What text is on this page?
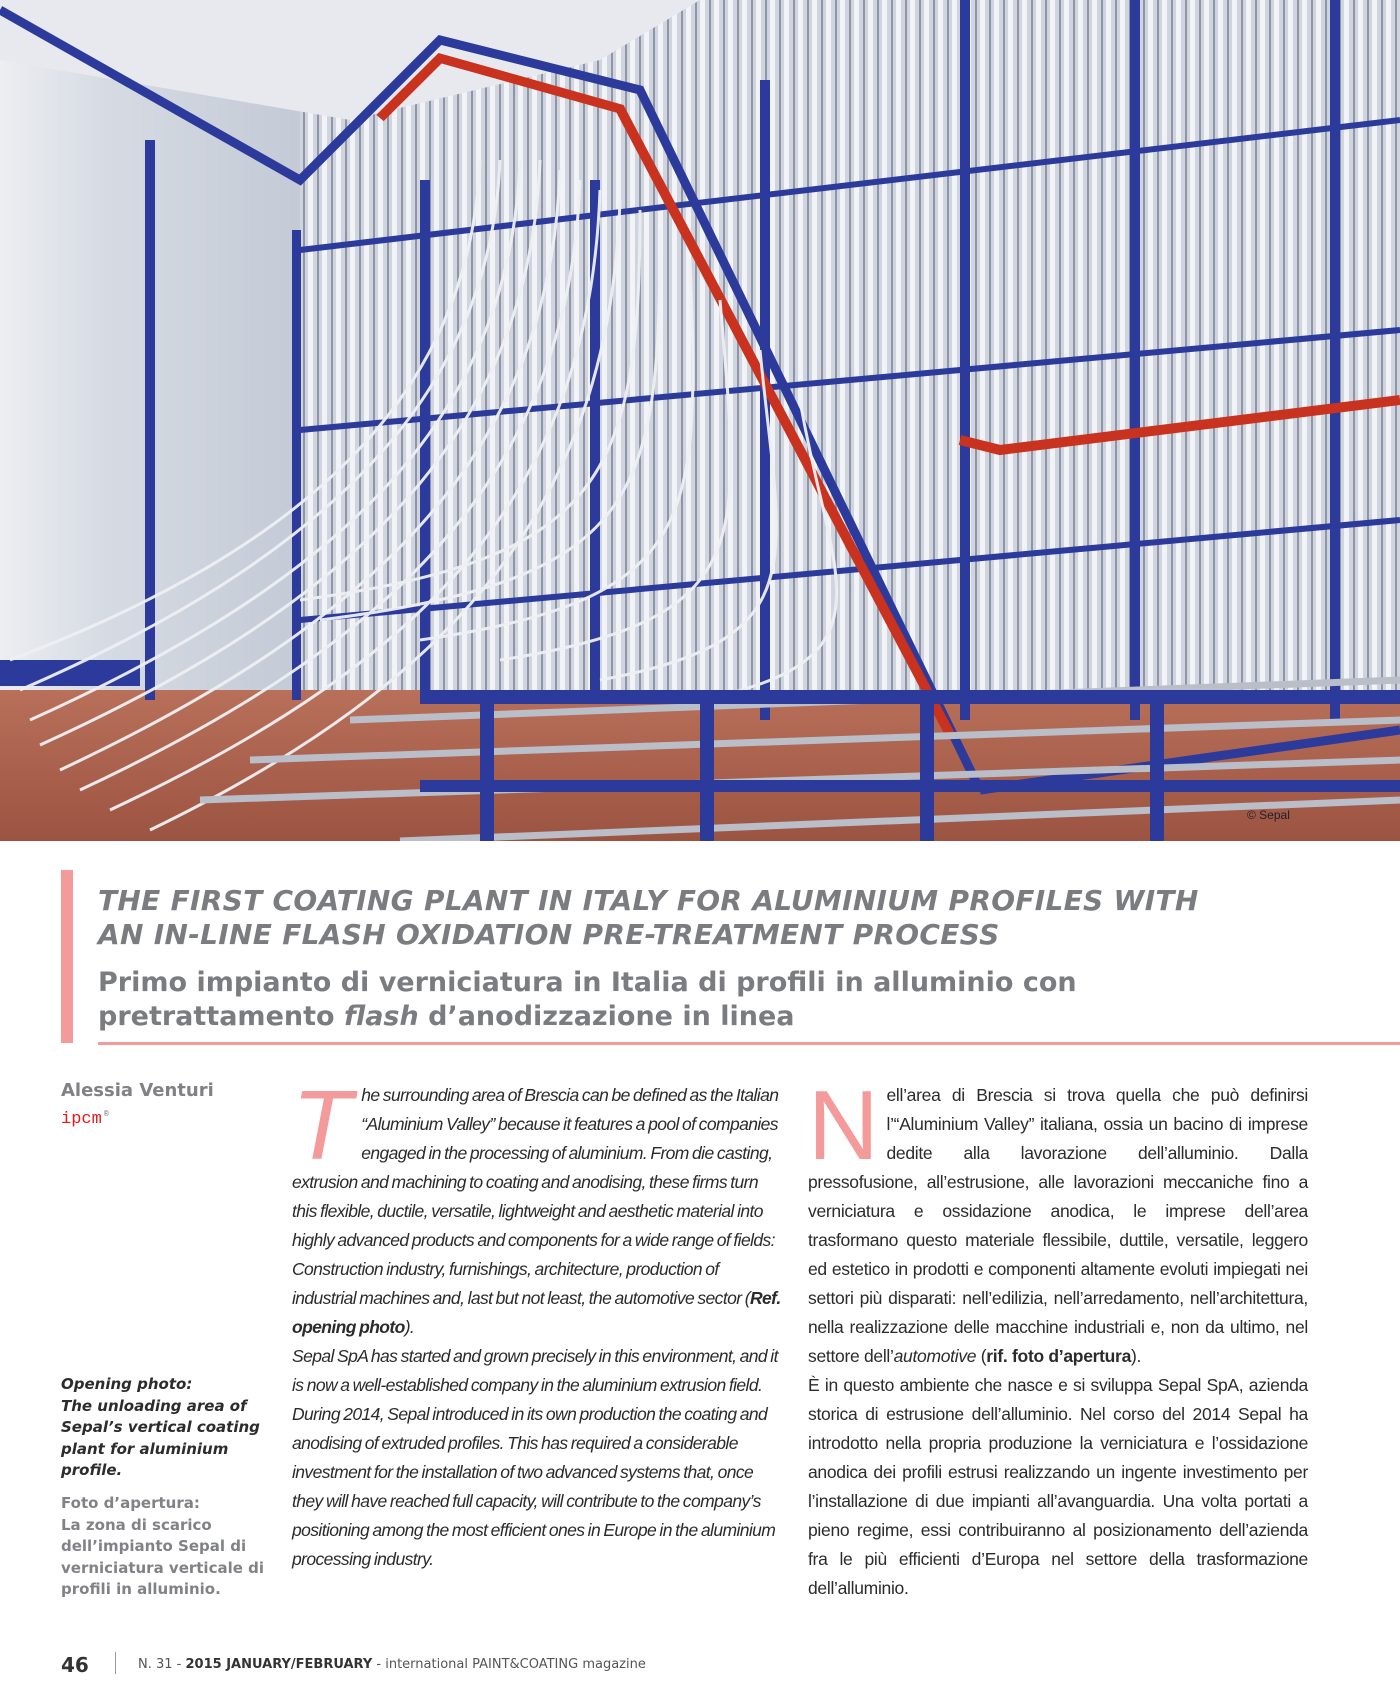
© Sepal
THE FIRST COATING PLANT IN ITALY FOR ALUMINIUM PROFILES WITH
AN IN-LINE FLASH OXIDATION PRE-TREATMENT PROCESS
Primo impianto di verniciatura in Italia di profili in alluminio con
pretrattamento flash d’anodizzazione in linea
Alessia Venturi
ipcm ®
Opening photo:
The unloading area of
Sepal’s vertical coating
plant for aluminium
profile.
Foto d’apertura:
La zona di scarico
dell’impianto Sepal di
verniciatura verticale di
profili in alluminio.
T he surrounding area of Brescia can be defined as the Italian “Aluminium Valley” because it features a pool of companies engaged in the processing of aluminium. From die casting, extrusion and machining to coating and anodising, these firms turn this flexible, ductile, versatile, lightweight and aesthetic material into highly advanced products and components for a wide range of fields: Construction industry, furnishings, architecture, production of industrial machines and, last but not least, the automotive sector (Ref. opening photo).

Sepal SpA has started and grown precisely in this environment, and it is now a well-established company in the aluminium extrusion field. During 2014, Sepal introduced in its own production the coating and anodising of extruded profiles. This has required a considerable investment for the installation of two advanced systems that, once they will have reached full capacity, will contribute to the company’s positioning among the most efficient ones in Europe in the aluminium processing industry.

N ell’area di Brescia si trova quella che può definirsi l’“Aluminium Valley” italiana, ossia un bacino di imprese dedite alla lavorazione dell’alluminio. Dalla pressofusione, all’estrusione, alle lavorazioni meccaniche fino a verniciatura e ossidazione anodica, le imprese dell’area trasformano questo materiale flessibile, duttile, versatile, leggero ed estetico in prodotti e componenti altamente evoluti impiegati nei settori più disparati: nell’edilizia, nell’arredamento, nell’architettura, nella realizzazione delle macchine industriali e, non da ultimo, nel settore dell’automotive (rif. foto d’apertura).

È in questo ambiente che nasce e si sviluppa Sepal SpA, azienda storica di estrusione dell’alluminio. Nel corso del 2014 Sepal ha introdotto nella propria produzione la verniciatura e l’ossidazione anodica dei profili estrusi realizzando un ingente investimento per l’installazione di due impianti all’avanguardia. Una volta portati a pieno regime, essi contribuiranno al posizionamento dell’azienda fra le più efficienti d’Europa nel settore della trasformazione dell’alluminio.

46	N. 31 - 2015 JANUARY/FEBRUARY - international PAINT&COATING magazine
